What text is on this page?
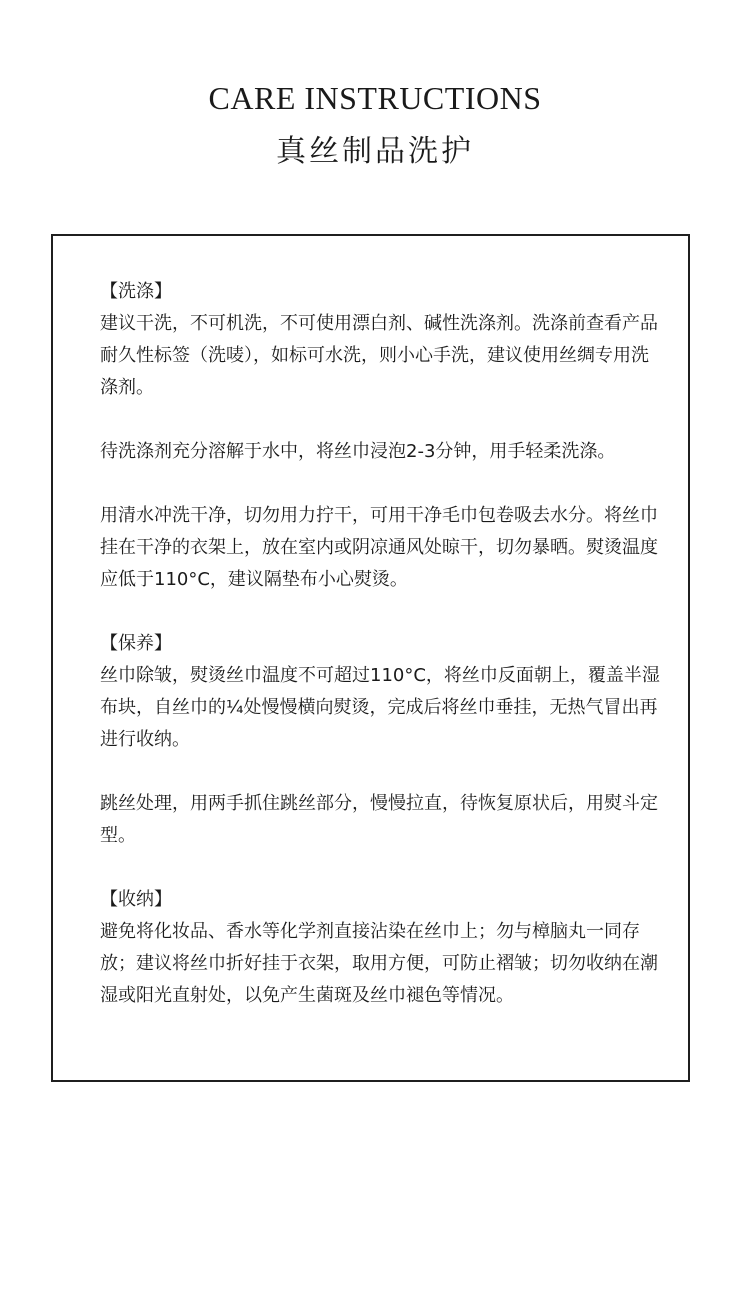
CARE INSTRUCTIONS
真丝制品洗护
【洗涤】

建议干洗，不可机洗，不可使用漂白剂、碱性洗涤剂。洗涤前查看产品耐久性标签（洗唛），如标可水洗，则小心手洗，建议使用丝绸专用洗涤剂。

待洗涤剂充分溶解于水中，将丝巾浸泡2-3分钟，用手轻柔洗涤。

用清水冲洗干净，切勿用力拧干，可用干净毛巾包卷吸去水分。将丝巾挂在干净的衣架上，放在室内或阴凉通风处晾干，切勿暴晒。熨烫温度应低于110°C，建议隔垫布小心熨烫。

【保养】

丝巾除皱，熨烫丝巾温度不可超过110°C，将丝巾反面朝上，覆盖半湿布块，自丝巾的¼处慢慢横向熨烫，完成后将丝巾垂挂，无热气冒出再进行收纳。

跳丝处理，用两手抓住跳丝部分，慢慢拉直，待恢复原状后，用熨斗定型。

【收纳】

避免将化妆品、香水等化学剂直接沾染在丝巾上；勿与樟脑丸一同存放；建议将丝巾折好挂于衣架，取用方便，可防止褶皱；切勿收纳在潮湿或阳光直射处，以免产生菌斑及丝巾褪色等情况。
